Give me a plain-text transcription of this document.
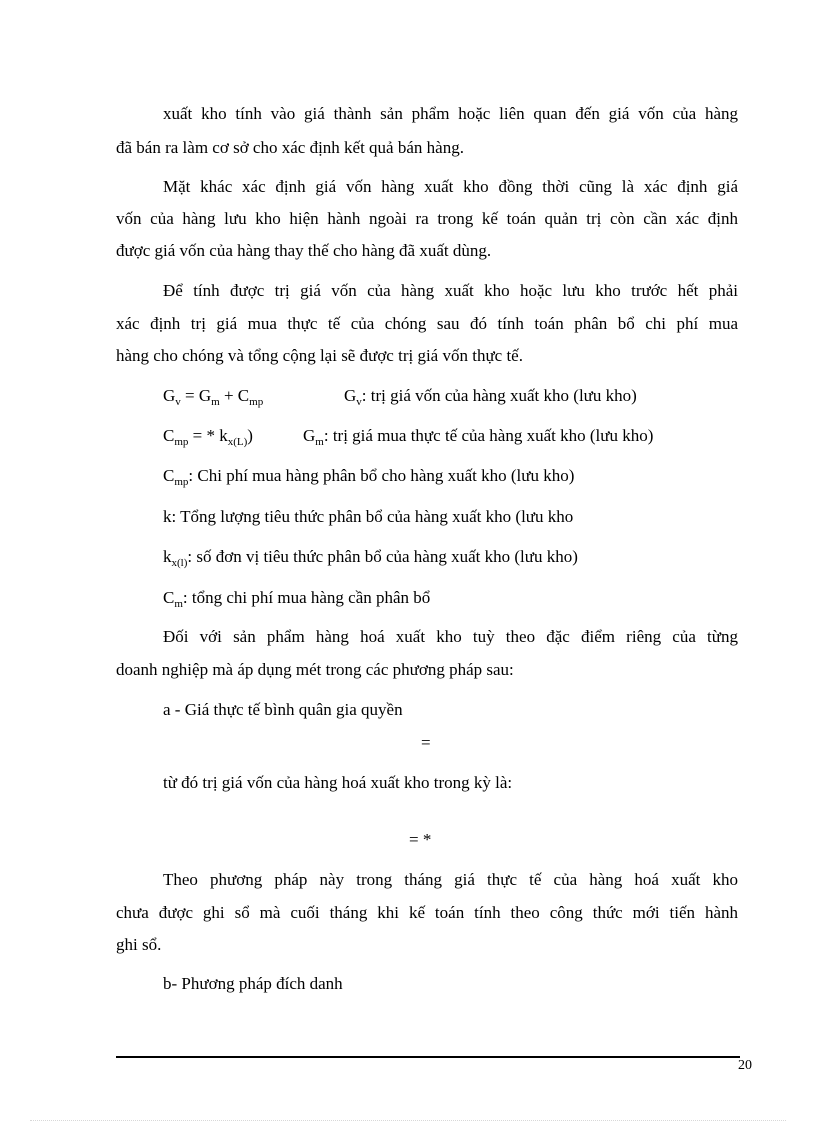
xuất kho tính vào giá thành sản phẩm hoặc liên quan đến giá vốn của hàng
đã bán ra làm cơ sở cho xác định kết quả bán hàng.
Mặt khác xác định giá vốn hàng xuất kho đồng thời cũng là xác định giá
vốn của hàng lưu kho hiện hành ngoài ra trong kế toán quản trị còn cần xác định
được giá vốn của hàng thay thế cho hàng đã xuất dùng.
Để tính được trị giá vốn của hàng xuất kho hoặc lưu kho trước hết phải
xác định trị giá mua thực tế của chóng sau đó tính toán phân bổ chi phí mua
hàng cho chóng và tổng cộng lại sẽ được trị giá vốn thực tế.
$G_v = G_m + C_{mp}$	$G_v$: trị giá vốn của hàng xuất kho (lưu kho)
$C_{mp}$ = * $k_{x(L)}$)	$G_m$: trị giá mua thực tế của hàng xuất kho (lưu kho)
$C_{mp}$: Chi phí mua hàng phân bổ cho hàng xuất kho (lưu kho)
k: Tổng lượng tiêu thức phân bổ của hàng xuất kho (lưu kho
$k_{x(l)}$: số đơn vị tiêu thức phân bổ của hàng xuất kho (lưu kho)
$C_m$: tổng chi phí mua hàng cần phân bổ
Đối với sản phẩm hàng hoá xuất kho tuỳ theo đặc điểm riêng của từng
doanh nghiệp mà áp dụng mét trong các phương pháp sau:
a - Giá thực tế bình quân gia quyền
=
từ đó trị giá vốn của hàng hoá xuất kho trong kỳ là:
= *
Theo phương pháp này trong tháng giá thực tế của hàng hoá xuất kho
chưa được ghi sổ mà cuối tháng khi kế toán tính theo công thức mới tiến hành
ghi sổ.
b- Phương pháp đích danh
20
